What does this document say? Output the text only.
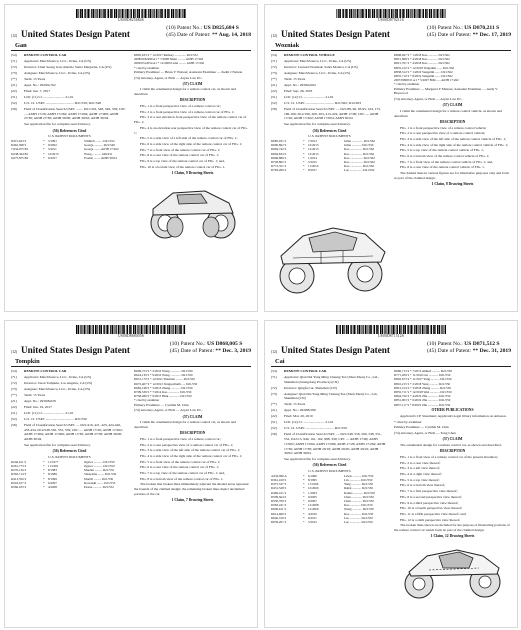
US00D825684S
(12) United States Design Patent
Gan
(10) Patent No.: US D825,684 S
(45) Date of Patent: ** Aug. 14, 2018
(54)	REMOTE CONTROL CAR
(71)	Applicant: MerchSource, LLC, Irvine, CA (US)
(72)	Inventor: Chun Seong Gan, Rancho Santa Margarita, CA (US)
(73)	Assignee: MerchSource, LLC, Irvine, CA (US)
(**)	Term: 15 Years
(21)	Appl. No.: 29/604,702
(22)	Filed: Jun. 7, 2017
(51)	LOC (11) Cl. ........................ 21-01
(52)	U.S. Cl. USPC ................................ D21/559; D21/548
(58)	Field of Classification Search USPC ........ D21/419, 548, 549, 559; CPC .... A63H 17/26; A63H 17/262; A63H 17/004; A63H 17/006; A63H 27/36; A63H 27/38; A63H 30/00; A63H 30/02; A63H 30/04
See application file for complete search history.
(56) References Cited
U.S. PATENT DOCUMENTS
D315,623 S	*	3/1991	Schmidt ......... D21/552
D462,398 S	*	9/2002	George ........... D21/549
7,934,975 B1	*	5/2011	George ........ A63H 17/262
8,638,364 B1	*	10/2013	Wong ........... 446/431
9,675,875 B2	*	6/2017	Prodan ........ A63H 30/04
D805,633 S * 12/2017 Ramsey .............. D21/552
2008/0182480 A1 * 7/2008 Sinko ......... A63H 17/262
2009/0314554 A1 * 12/2009 Lund ......... A63H 17/262
* cited by examiner
Primary Examiner — Brian V Watson; Assistant Examiner — Keith J Nelson
(74) Attorney, Agent, or Firm — Aryan Law P.C.
(57) CLAIM
I claim the ornamental design for a remote control car, as shown and described.
DESCRIPTION
FIG. 1 is a front perspective view of a remote control car;
FIG. 2 is a front perspective view of a remote control car of FIG. 1;
FIG. 3 is a rear elevation front perspective view of the remote control car of FIG. 1;
FIG. 4 is an elevation rear perspective view of the remote control car of FIG. 1;
FIG. 5 is a side view of a left side of the remote control car of FIG. 1;
FIG. 6 is a side view of the right side of the remote control car of FIG. 1;
FIG. 7 is a front view of the remote control car of FIG. 1;
FIG. 8 is a rear view of the remote control car of FIG. 1;
FIG. 9 is a top view of the remote control car of FIG. 1; and,
FIG. 10 is a bottom view of the remote control car of FIG. 1.
1 Claim, 9 Drawing Sheets
US00D870211S
(12) United States Design Patent
Wozniak
(10) Patent No.: US D870,211 S
(45) Date of Patent: ** Dec. 17, 2019
(54)	REMOTE CONTROL VEHICLE
(71)	Applicant: MerchSource, LLC, Irvine, CA (US)
(72)	Inventor: Leonard Wozniak, Santa Monica, CA (US)
(73)	Assignee: MerchSource, LLC, Irvine, CA (US)
(**)	Term: 15 Years
(21)	Appl. No.: 29/664,064
(22)	Filed: Sep. 26, 2018
(51)	LOC (12) Cl. ........................ 21-01
(52)	U.S. Cl. USPC ................................ D21/562; D12/203
(58)	Field of Classification Search USPC .... D21/88, 90, 93-95, 164, 175, 186-190; D12/199, 200, 203, 413-419; A63H 17/00; CPC .... A63H 17/26; A63H 17/262; A63H 17/004; A63H 30/04
See application file for complete search history.
(56) References Cited
U.S. PATENT DOCUMENTS
D685,931 S	*	7/2013	Gilke .............. D21/562
D690,862 S	*	10/2013	Gilke ............ D21/550
D694,742 S	*	12/2013	Kao ............... D21/562
D694,834 S	*	12/2013	Kao ............... D21/562
D696,889 S	*	1/2014	Kao ................ D21/562
D728,802 S	*	5/2015	Kao ................ D21/562
D772,351 S	*	11/2016	Kao ............... D21/562
D793,490 S	*	8/2017	Lao ................ D21/562
D808,497 S * 1/2018 Kao ............ D21/562
D815,698 S * 4/2018 Kao ............ D21/562
D815,701 S * 4/2018 Kao ............ D21/562
D835,212 S * 12/2018 Vengalim ....... D21/562
D838,312 S * 1/2019 Vengalim ....... D21/562
D855,710 S * 8/2019 Vengalim ....... D21/562
2007/0099531 A1 * 5/2007 Bills ..... A63H 17/262
* cited by examiner
Primary Examiner — Margaret Y Malone; Assistant Examiner — Andy V Hopwood
(74) Attorney, Agent, or Firm — Aryan Law P.C.
(57) CLAIM
I claim the ornamental design for a remote control vehicle, as shown and described.
DESCRIPTION
FIG. 1 is a front perspective view of a remote control vehicle;
FIG. 2 is a rear perspective view of a remote control vehicle;
FIG. 3 is a side view of the left side of the remote control vehicle of FIG. 1;
FIG. 4 is a side view of the right side of the remote control vehicle of FIG. 1;
FIG. 5 is a top view of the remote control vehicle of FIG. 1;
FIG. 6 is a bottom view of the remote control vehicle of FIG. 1;
FIG. 7 is a front view of the remote control vehicle of FIG. 1; and,
FIG. 8 is a rear view of the remote control vehicle of FIG. 1.
The dashed lines in various figures are for illustrative purposes only and form no part of the claimed design.
1 Claim, 8 Drawing Sheets
US00D868005S
(12) United States Design Patent
Tompkin
(10) Patent No.: US D868,005 S
(45) Date of Patent: ** Dec. 3, 2019
(54)	REMOTE CONTROL CAR
(71)	Applicant: MerchSource, LLC, Irvine, CA (US)
(72)	Inventor: Jason Tompkin, Los Angeles, CA (US)
(73)	Assignee: MerchSource, LLC, Irvine, CA (US)
(**)	Term: 15 Years
(21)	Appl. No.: 29/608,028
(22)	Filed: Jun. 19, 2017
(51)	LOC (11) Cl. ........................ 21-01
(52)	U.S. Cl. USPC ................................ D21/550
(58)	Field of Classification Search USPC .... D21/419, 421, 423, 424-426, 433-434, D12/548-550, 552, 559; CPC .... A63H 17/26; A63H 17/262; A63H 17/004; A63H 17/006; A63H 17/36; A63H 27/38; A63H 30/00; A63H 30/04
See application file for complete search history.
(56) References Cited
U.S. PATENT DOCUMENTS
D246,611 S	*	11/1977	Ogawa ........... D21/550
D261,773 S	*	11/1981	Ogawa ........... D21/550
D270,136 S	*	8/1983	Mueller ......... D21/552
D302,714 S	*	8/1989	Takayama ........ D21/550
D413,356 S	*	8/1999	Morrill ......... D21/550
D543,917 S	*	6/2007	Kowalski ........ D21/553
D566,183 S	*	4/2008	Pearse ........... D21/552
D609,753 S * 2/2010 Wong ............. D21/550
D624,130 S * 9/2010 Wong ............. D21/550
D651,170 S * 12/2011 Sherman ......... D21/550
D672,407 S * 12/2012 Vongsachanh ..... D21/550
D682,148 S * 5/2013 Zhang ............ D21/550
D709,539 S * 7/2014 Kao .............. D21/550
D738,286 S * 9/2015 Hunt ............. D21/550
* cited by examiner
Primary Examiner — Cynthia M. Chin
(74) Attorney, Agent, or Firm — Aryan Law P.C.
(57) CLAIM
I claim the ornamental design for a remote control car, as shown and described.
DESCRIPTION
FIG. 1 is a front perspective view of a remote control car;
FIG. 2 is a rear perspective view of a remote control car of FIG. 1;
FIG. 3 is a side view of the left side of the remote control car of FIG. 1;
FIG. 4 is a side view of the right side of the remote control car of FIG. 1;
FIG. 5 is a front view of the remote control car of FIG. 1;
FIG. 6 is a rear view of the remote control car of FIG. 1;
FIG. 7 is a top view of the remote control car of FIG. 1; and,
FIG. 8 is a bottom view of the remote control car of FIG. 1.
The broken line broken lines immediately adjacent the shaded areas represent the bounds of the claimed design; the remaining broken lines depict unclaimed portions of the car.
1 Claim, 7 Drawing Sheets
US00D871512S
(12) United States Design Patent
Cai
(10) Patent No.: US D871,512 S
(45) Date of Patent: ** Dec. 31, 2019
(54)	REMOTE CONTROL CAR
(71)	Applicant: Qian Dai Yang Ming Cheung Tex (Shen Zhen) Co., Ltd., Shenzhen (Guangdong Province) (CN)
(72)	Inventor: Qingfu Cai, Shenzhen (CN)
(73)	Assignee: Qian Dai Yang Ming Cheung Tex (Shen Zhen) Co., Ltd., Shenzhen (CN)
(**)	Term: 15 Years
(21)	Appl. No.: 29/688,589
(22)	Filed: Mar. 29, 2019
(51)	LOC (12) Cl. ........................ 21-01
(52)	U.S. Cl. USPC ................................ D21/550
(58)	Field of Classification Search USPC .... D21/549, 550, 560, 548, 551, 552, D12/15, 949, 161, 162, 988, 330; CPC .... A63H 17/00; A63H 17/002; A63H 17/004; A63H 17/006; A63H 17/26; A63H 17/262; A63H 17/36; A63H 17/38; A63H 29/18; A63H 29/20; A63H 29/22; A63H 30/02; A63H 30/04
See application file for complete search history.
(56) References Cited
U.S. PATENT DOCUMENTS
4,932,966 A	*	6/1990	Lewis ........... D21/550
D361,100 S	*	8/1995	Lin .............. D21/550
D375,537 S	*	11/1996	Yang ............ D21/550
D431,528 S	*	10/2000	Rahal ........... D21/550
D469,161 S	*	1/2003	Kanno ............ D21/550
D509,564 S	*	9/2005	Chen ............. D21/550
D550,760 S	*	9/2007	Chen ............. D21/550
D583,431 S	*	12/2008	Kao ............. D21/550
D606,611 S	*	12/2009	Wong ............ D21/550
D614,690 S	*	4/2010	Kao .............. D21/550
D640,316 S	*	6/2011	Lee .............. D21/550
D659,201 S	*	5/2012	Lee .............. D21/550
D686,713 S * 7/2013 Ahmed .......... D21/550
D771,209 S * 11/2016 Lin ............ D21/550
D802,673 S * 11/2017 Yang ........... D21/550
D810,215 S * 2/2018 Yang ........... D21/550
D812,154 S * 3/2018 Zhang .......... D21/550
D835,711 S * 12/2018 Wen ............ D21/550
D844,726 S * 4/2019 Zhu ............. D21/550
D851,003 S * 6/2019 Zhu ............. D21/550
D857,117 S * 8/2019 Zhu ............. D21/550
OTHER PUBLICATIONS
Applicant's CE Statement; Applicant's legal library information on Amazon.
* cited by examiner
Primary Examiner — Cynthia M. Chin
(74) Attorney, Agent, or Firm — Tong Chen
(57) CLAIM
The ornamental design for a remote control car, as shown and described.
DESCRIPTION
FIG. 1 is a front view of a remote control car of the present invention;
FIG. 2 is a rear view thereof;
FIG. 3 is a left view thereof;
FIG. 4 is a right view thereof;
FIG. 5 is a top view thereof;
FIG. 6 is a bottom view thereof;
FIG. 7 is a first perspective view thereof;
FIG. 8 is a second perspective view thereof;
FIG. 9 is a third perspective view thereof;
FIG. 10 is a fourth perspective view thereof;
FIG. 11 is a fifth perspective view thereof; and,
FIG. 12 is a sixth perspective view thereof.
The broken lines shown are included for the purpose of illustrating portions of the remote control car which form no part of the claimed design.
1 Claim, 12 Drawing Sheets
